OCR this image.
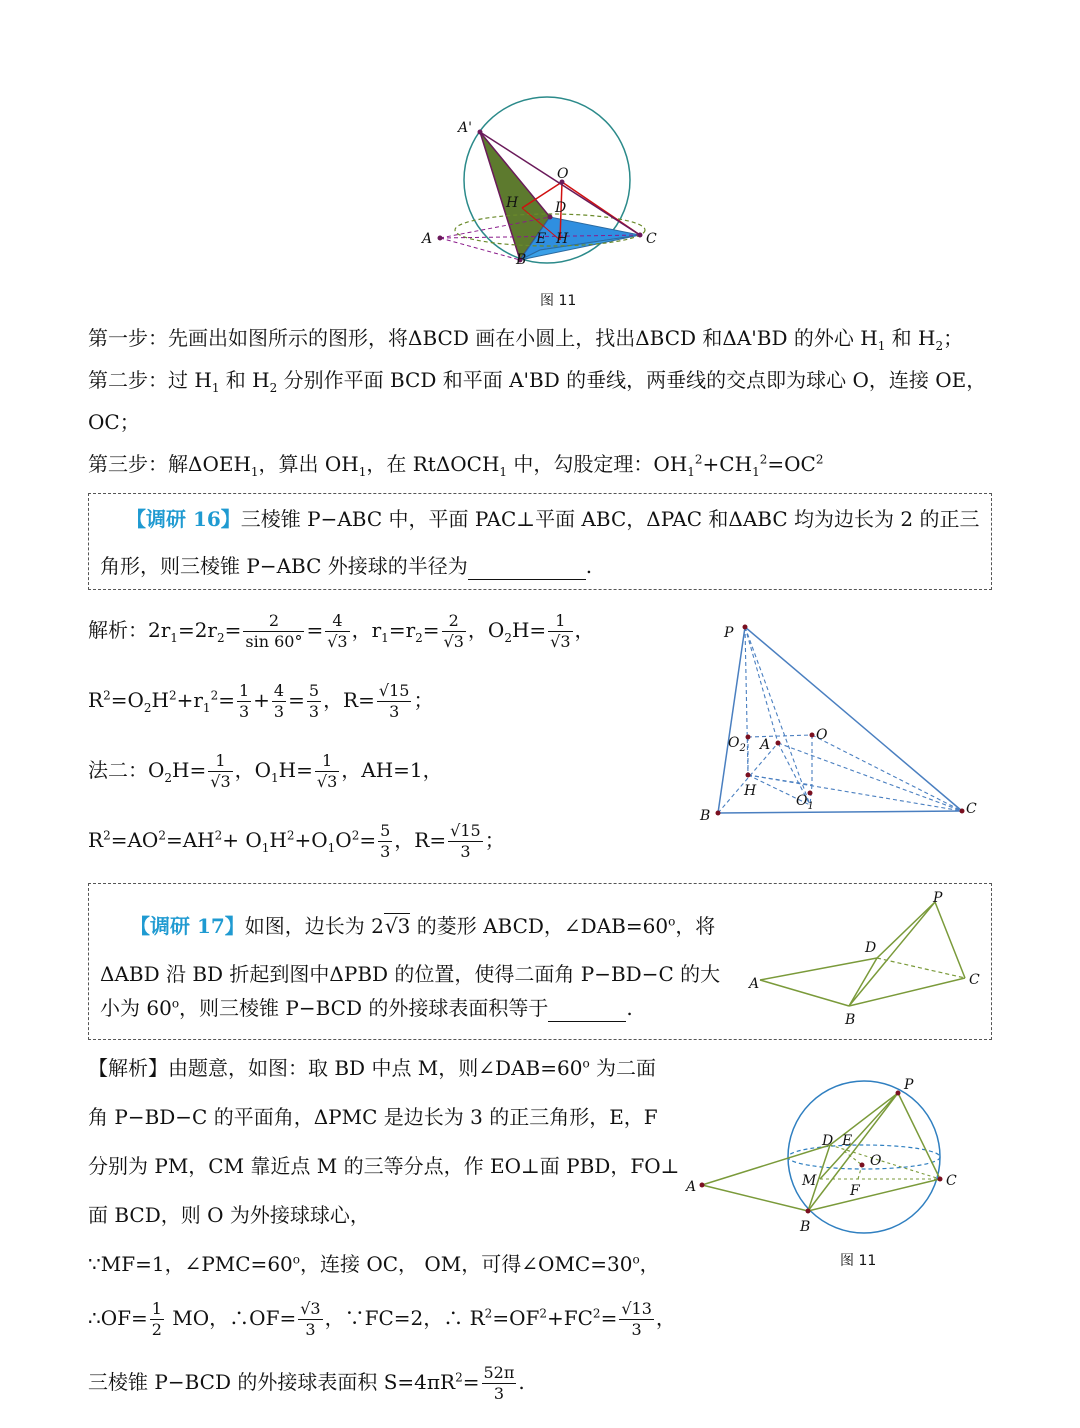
A'
O
H	D
A	E H	C
B
图 11
第一步：先画出如图所示的图形，将ΔBCD 画在小圆上，找出ΔBCD 和ΔA'BD 的外心 $H_1$ 和 $H_2$；
第二步：过 $H_1$ 和 $H_2$ 分别作平面 BCD 和平面 A'BD 的垂线，两垂线的交点即为球心 O，连接 OE，
OC；
第三步：解$\Delta OEH_1$，算出 $OH_1$，在 RtΔOCH$_1$ 中，勾股定理：$OH_1^2+CH_1^2=OC^2$
【调研 16】三棱锥 P−ABC 中，平面 PAC⊥平面 ABC，ΔPAC 和ΔABC 均为边长为 2 的正三
角形，则三棱锥 P−ABC 外接球的半径为	.
解析：$2r_1=2r_2= \frac{2}{\sin 60^\circ} = \frac{4}{√3}$ ，$r_1=r_2= \frac{2}{√3}$ ，$O_2H= \frac{1}{√3}$ ，
$R^2=O_2H^2+r_1^2= \frac{1}{3} + \frac{4}{3} = \frac{5}{3}$ ，$R= \frac{√15}{3}$ ；
法二：$O_2H= \frac{1}{√3}$ ，$O_1H= \frac{1}{√3}$ ，AH=1，
$R^2=AO^2=AH^2+ O_1H^2+O_1O^2= \frac{5}{3}$ ，$R= \frac{√15}{3}$ ；
P
$O_2$ A
O
H
$O_1$
B	C
【调研 17】如图，边长为 2√3 的菱形 ABCD，$\angle DAB=60^o$，将
ΔABD 沿 BD 折起到图中ΔPBD 的位置，使得二面角 P−BD−C 的大
小为 60$^o$，则三棱锥 P−BCD 的外接球表面积等于	.
P
D
A	C
B
【解析】由题意，如图：取 BD 中点 M，则$\angle DAB=60^o$ 为二面
角 P−BD−C 的平面角，ΔPMC 是边长为 3 的正三角形，E，F
分别为 PM，CM 靠近点 M 的三等分点，作 EO⊥面 PBD，FO⊥
面 BCD，则 O 为外接球球心，
∵MF=1，$\angle PMC=60^o$，连接 OC， OM，可得$\angle OMC=30^o$，
∴OF= $\frac{1}{2}$ MO，∴OF= $\frac{√3}{3}$ ，∵FC=2，∴ $R^2=OF^2+FC^2= \frac{√13}{3}$ ，
三棱锥 P−BCD 的外接球表面积 $S=4\pi R^2= \frac{52\pi}{3}$ .
P
D E
O
M
A	C
F
B
图 11
